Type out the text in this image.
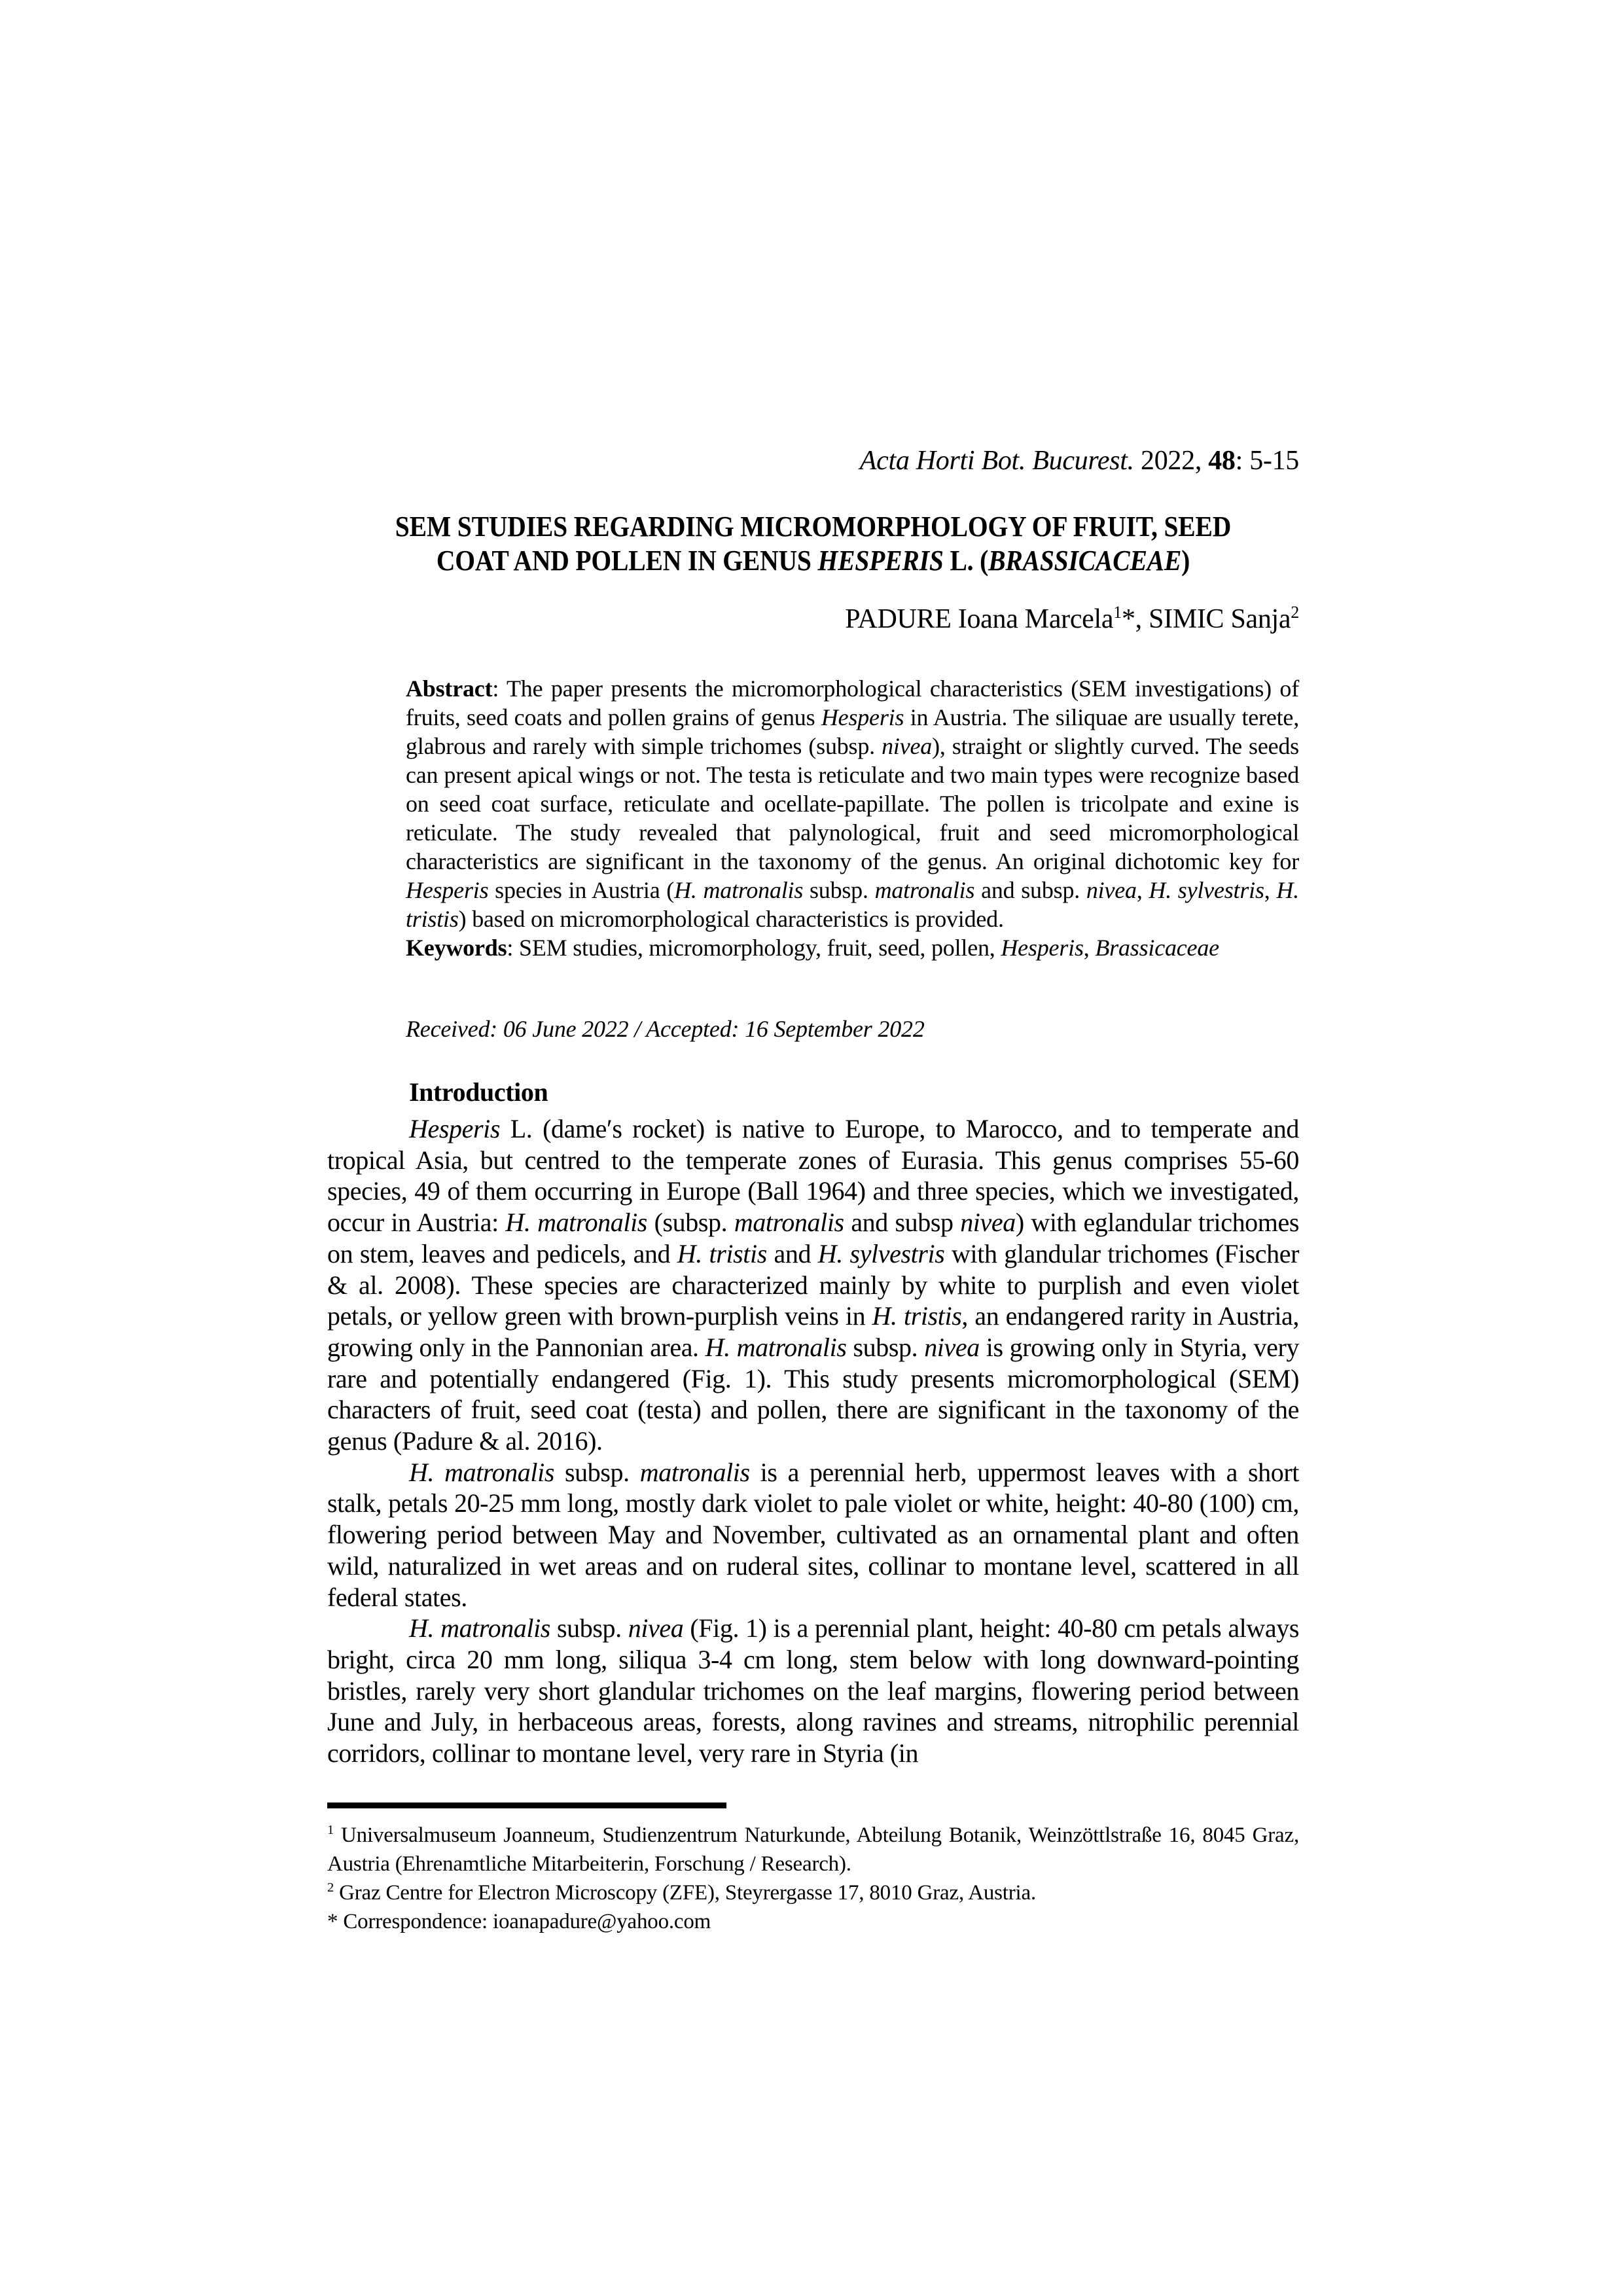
Acta Horti Bot. Bucurest. 2022, 48: 5-15
SEM STUDIES REGARDING MICROMORPHOLOGY OF FRUIT, SEED
COAT AND POLLEN IN GENUS HESPERIS L. (BRASSICACEAE)
PADURE Ioana Marcela$^1$*, SIMIC Sanja$^2$

Abstract: The paper presents the micromorphological characteristics (SEM investigations) of fruits, seed coats and pollen grains of genus Hesperis in Austria. The siliquae are usually terete, glabrous and rarely with simple trichomes (subsp. nivea), straight or slightly curved. The seeds can present apical wings or not. The testa is reticulate and two main types were recognize based on seed coat surface, reticulate and ocellate-papillate. The pollen is tricolpate and exine is reticulate. The study revealed that palynological, fruit and seed micromorphological characteristics are significant in the taxonomy of the genus. An original dichotomic key for Hesperis species in Austria (H. matronalis subsp. matronalis and subsp. nivea, H. sylvestris, H. tristis) based on micromorphological characteristics is provided.

Keywords: SEM studies, micromorphology, fruit, seed, pollen, Hesperis, Brassicaceae

Received: 06 June 2022 / Accepted: 16 September 2022
Introduction

Hesperis L. (dame′s rocket) is native to Europe, to Marocco, and to temperate and tropical Asia, but centred to the temperate zones of Eurasia. This genus comprises 55-60 species, 49 of them occurring in Europe (Ball 1964) and three species, which we investigated, occur in Austria: H. matronalis (subsp. matronalis and subsp nivea) with eglandular trichomes on stem, leaves and pedicels, and H. tristis and H. sylvestris with glandular trichomes (Fischer & al. 2008). These species are characterized mainly by white to purplish and even violet petals, or yellow green with brown-purplish veins in H. tristis, an endangered rarity in Austria, growing only in the Pannonian area. H. matronalis subsp. nivea is growing only in Styria, very rare and potentially endangered (Fig. 1). This study presents micromorphological (SEM) characters of fruit, seed coat (testa) and pollen, there are significant in the taxonomy of the genus (Padure & al. 2016).

H. matronalis subsp. matronalis is a perennial herb, uppermost leaves with a short stalk, petals 20-25 mm long, mostly dark violet to pale violet or white, height: 40-80 (100) cm, flowering period between May and November, cultivated as an ornamental plant and often wild, naturalized in wet areas and on ruderal sites, collinar to montane level, scattered in all federal states.

H. matronalis subsp. nivea (Fig. 1) is a perennial plant, height: 40-80 cm petals always bright, circa 20 mm long, siliqua 3-4 cm long, stem below with long downward-pointing bristles, rarely very short glandular trichomes on the leaf margins, flowering period between June and July, in herbaceous areas, forests, along ravines and streams, nitrophilic perennial corridors, collinar to montane level, very rare in Styria (in

$^1$ Universalmuseum Joanneum, Studienzentrum Naturkunde, Abteilung Botanik, Weinzöttlstraße 16, 8045 Graz, Austria (Ehrenamtliche Mitarbeiterin, Forschung / Research).

$^2$ Graz Centre for Electron Microscopy (ZFE), Steyrergasse 17, 8010 Graz, Austria.

* Correspondence: ioanapadure@yahoo.com
